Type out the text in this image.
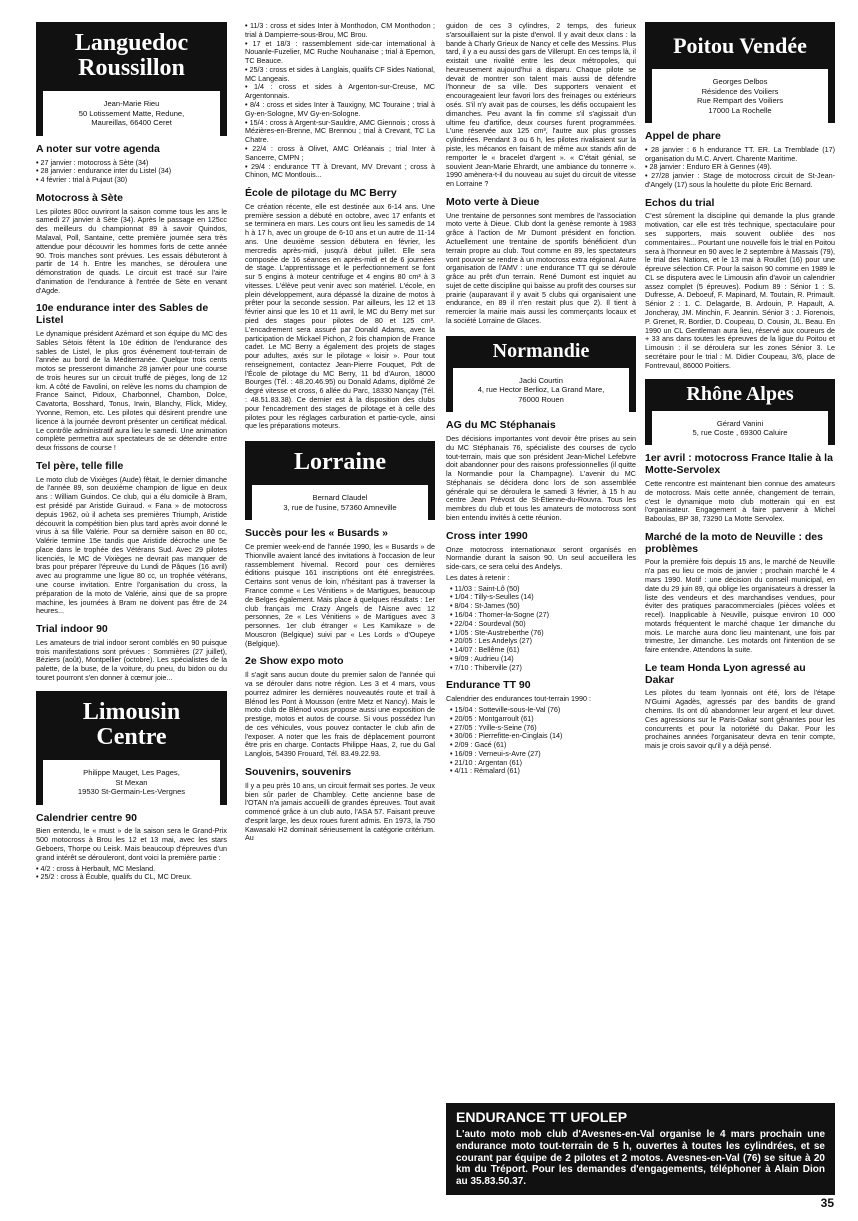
Languedoc Roussillon
Jean-Marie Rieu
50 Lotissement Matte, Redune,
Maureillas, 66400 Ceret
A noter sur votre agenda
• 27 janvier : motocross à Sète (34)
• 28 janvier : endurance inter du Listel (34)
• 4 février : trial à Pujaut (30)
Motocross à Sète

Les pilotes 80cc ouvriront la saison comme tous les ans le samedi 27 janvier à Sète (34). Après le passage en 125cc des meilleurs du championnat 89 à savoir Quindos, Malaval, Poll, Santaine, cette première journée sera très attendue pour découvrir les hommes forts de cette année 90. Trois manches sont prévues. Les essais débuteront à partir de 14 h. Entre les manches, se déroulera une démonstration de quads. Le circuit est tracé sur l'aire d'animation de l'endurance à l'entrée de Sète en venant d'Agde.

10e endurance inter des Sables de Listel

Le dynamique président Azémard et son équipe du MC des Sables Sétois fêtent la 10e édition de l'endurance des sables de Listel, le plus gros événement tout-terrain de l'année au bord de la Méditerranée. Quelque trois cents motos se presseront dimanche 28 janvier pour une course de trois heures sur un circuit truffé de pièges, long de 12 km. A côté de Favolini, on relève les noms du champion de France Sainct, Pidoux, Charbonnel, Chambon, Dolce, Cavatorta, Bosshard, Tonus, Irwin, Blanchy, Flick, Midey, Yvonne, Remon, etc. Les pilotes qui désirent prendre une licence à la journée devront présenter un certificat médical. Le contrôle administratif aura lieu le samedi. Une animation complète permettra aux spectateurs de se détendre entre deux frissons de course !

Tel père, telle fille

Le moto club de Vixièges (Aude) fêtait, le dernier dimanche de l'année 89, son deuxième champion de ligue en deux ans : William Guindos. Ce club, qui a élu domicile à Bram, est présidé par Aristide Guiraud. « Fana » de motocross depuis 1962, où il acheta ses premières Triumph, Aristide découvrit la compétition bien plus tard après avoir donné le virus à sa fille Valérie. Pour sa dernière saison en 80 cc, Valérie termine 15e tandis que Aristide décroche une 5e place dans le trophée des Vétérans Sud. Avec 29 pilotes licenciés, le MC de Vixièges ne devrait pas manquer de bras pour préparer l'épreuve du Lundi de Pâques (16 avril) avec au programme une ligue 80 cc, un trophée vétérans, une course invitation. Entre l'organisation du cross, la préparation de la moto de Valérie, ainsi que de sa propre machine, les journées à Bram ne doivent pas être de 24 heures...

Trial indoor 90

Les amateurs de trial indoor seront comblés en 90 puisque trois manifestations sont prévues : Sommières (27 juillet), Béziers (août), Montpellier (octobre). Les spécialistes de la palette, de la buse, de la voiture, du pneu, du bidon ou du touret pourront s'en donner à cœmur joie...

Limousin Centre
Philippe Mauget, Les Pages,
St Mexan
19530 St-Germain-Les-Vergnes
Calendrier centre 90

Bien entendu, le « must » de la saison sera le Grand-Prix 500 motocross à Brou les 12 et 13 mai, avec les stars Geboers, Thorpe ou Leisk. Mais beaucoup d'épreuves d'un grand intérêt se dérouleront, dont voici la première partie :

• 4/2 : cross à Herbault, MC Mesland.
• 25/2 : cross à Écuble, qualifs du CL, MC Dreux.
• 11/3 : cross et sides Inter à Monthodon, CM Monthodon ; trial à Dampierre-sous-Brou, MC Brou.
• 17 et 18/3 : rassemblement side-car international à Nouanle-Fuzelier, MC Ruche Nouhanaise ; trial à Epernon, TC Beauce.
• 25/3 : cross et sides à Langlais, qualifs CF Sides National, MC Langeais.
• 1/4 : cross et sides à Argenton-sur-Creuse, MC Argentonnais.
• 8/4 : cross et sides Inter à Tauxigny, MC Touraine ; trial à Gy-en-Sologne, MV Gy-en-Sologne.
• 15/4 : cross à Argent-sur-Sauldre, AMC Giennois ; cross à Mézières-en-Brenne, MC Brennou ; trial à Crevant, TC La Chatre.
• 22/4 : cross à Olivet, AMC Orléanais ; trial Inter à Sancerre, CMPN ;
• 29/4 : endurance TT à Drevant, MV Drevant ; cross à Chinon, MC Montlouis...
École de pilotage du MC Berry

Ce création récente, elle est destinée aux 6-14 ans. Une première session a débuté en octobre, avec 17 enfants et se terminera en mars. Les cours ont lieu les samedis de 14 h à 17 h, avec un groupe de 6-10 ans et un autre de 11-14 ans. Une deuxième session débutera en février, les mercredis après-midi, jusqu'à début juillet. Elle sera composée de 16 séances en après-midi et de 6 journées de stage. L'apprentissage et le perfectionnement se font sur 5 engins à moteur centrifuge et 4 engins 80 cm³ à 3 vitesses. L'élève peut venir avec son matériel. L'école, en plein développement, aura dépassé la dizaine de motos à prêter pour la seconde session. Par ailleurs, les 12 et 13 février ainsi que les 10 et 11 avril, le MC du Berry met sur pied des stages pour pilotes de 80 et 125 cm³. L'encadrement sera assuré par Donald Adams, avec la participation de Mickael Pichon, 2 fois champion de France cadet. Le MC Berry a également des projets de stages pour adultes, axés sur le pilotage « loisir ». Pour tout renseignement, contactez Jean-Pierre Fouquet, Pdt de l'École de pilotage du MC Berry, 11 bd d'Auron, 18000 Bourges (Tél. : 48.20.46.95) ou Donald Adams, diplômé 2e degré vitesse et cross, 6 allée du Parc, 18330 Nançay (Tél. : 48.51.83.38). Ce dernier est à la disposition des clubs pour l'encadrement des stages de pilotage et à celle des pilotes pour les réglages carburation et partie-cycle, ainsi que les préparations moteurs.

Lorraine
Bernard Claudel
3, rue de l'usine, 57360 Amneville
Succès pour les « Busards »

Ce premier week-end de l'année 1990, les « Busards » de Thionville avaient lancé des invitations à l'occasion de leur rassemblement hivernal. Record pour ces dernières éditions puisque 161 inscriptions ont été enregistrées. Certains sont venus de loin, n'hésitant pas à traverser la France comme « Les Vénitiens » de Martigues, beaucoup de Belges également. Mais place à quelques résultats : 1er club français mc Crazy Angels de l'Aisne avec 12 personnes, 2e « Les Vénitiens » de Martigues avec 3 personnes. 1er club étranger « Les Kamikaze » de Mouscron (Belgique) suivi par « Les Lords » d'Oupeye (Belgique).

2e Show expo moto

Il s'agit sans aucun doute du premier salon de l'année qui va se dérouler dans notre région. Les 3 et 4 mars, vous pourrez admirer les dernières nouveautés route et trail à Blénod les Pont à Mousson (entre Metz et Nancy). Mais le moto club de Blénod vous propose aussi une exposition de prestige, motos et autos de course. Si vous possédez l'un de ces véhicules, vous pouvez contacter le club afin de l'exposer. A noter que les frais de déplacement pourront être pris en charge. Contacts Philippe Haas, 2, rue du Gal Langlois, 54390 Frouard, Tél. 83.49.22.93.

Souvenirs, souvenirs

Il y a peu près 10 ans, un circuit fermait ses portes. Je veux bien sûr parler de Chambley. Cette ancienne base de l'OTAN n'a jamais accueilli de grandes épreuves. Tout avait commencé grâce à un club auto, l'ASA 57. Faisant preuve d'esprit large, les deux roues furent admis. En 1973, la 750 Kawasaki H2 dominait sérieusement la catégorie critérium. Au

guidon de ces 3 cylindres, 2 temps, des furieux s'arsouillaient sur la piste d'envol. Il y avait deux clans : la bande à Charly Grieux de Nancy et celle des Messins. Plus tard, il y a eu aussi des gars de Villerupt. En ces temps là, il existait une rivalité entre les deux métropoles, qui heureusement aujourd'hui a disparu. Chaque pilote se devait de montrer son talent mais aussi de défendre l'honneur de sa ville. Des supporters venaient et encourageaient leur favori lors des freinages ou extérieurs osés. S'il n'y avait pas de courses, les défis occupaient les dimanches. Peu avant la fin comme s'il s'agissait d'un ultime feu d'artifice, deux courses furent programmées. L'une réservée aux 125 cm³, l'autre aux plus grosses cylindrées. Pendant 3 ou 6 h, les pilotes rivalisaient sur la piste, les mécanos en faisant de même aux stands afin de remporter le « bracelet d'argent ». « C'était génial, se souvient Jean-Marie Ehrardt, une ambiance du tonnerre ». 1990 amènera-t-il du nouveau au sujet du circuit de vitesse en Lorraine ?

Moto verte à Dieue

Une trentaine de personnes sont membres de l'association moto verte à Dieue. Club dont la genèse remonte à 1983 grâce à l'action de Mr Dumont président en fonction. Actuellement une trentaine de sportifs bénéficient d'un terrain propre au club. Tout comme en 89, les spectateurs vont pouvoir se rendre à un motocross extra régional. Autre organisation de l'AMV : une endurance TT qui se déroule grâce au prêt d'un terrain. René Dumont est inquiet au sujet de cette discipline qui baisse au profit des courses sur prairie (auparavant il y avait 5 clubs qui organisaient une endurance, en 89 il n'en restait plus que 2). Il tient à remercier la mairie mais aussi les commerçants locaux et la société Lorraine de Glaces.

Normandie
Jacki Courtin
4, rue Hector Berlioz, La Grand Mare,
76000 Rouen
AG du MC Stéphanais

Des décisions importantes vont devoir être prises au sein du MC Stéphanais 76, spécialiste des courses de cyclo tout-terrain, mais que son président Jean-Michel Lefebvre doit abandonner pour des raisons professionnelles (il quitte la Normandie pour la Champagne). L'avenir du MC Stéphanais se décidera donc lors de son assemblée générale qui se déroulera le samedi 3 février, à 15 h au centre Jean Prévost de St-Étienne-du-Rouvra. Tous les membres du club et tous les amateurs de motocross sont bien entendu invités à cette réunion.

Cross inter 1990

Onze motocross internationaux seront organisés en Normandie durant la saison 90. Un seul accueillera les side-cars, ce sera celui des Andelys.

Les dates à retenir :

• 11/03 : Saint-Lô (50)
• 1/04 : Tilly-s-Seulles (14)
• 8/04 : St-James (50)
• 16/04 : Thomer-la-Sogne (27)
• 22/04 : Sourdeval (50)
• 1/05 : Ste-Austreberthe (76)
• 20/05 : Les Andelys (27)
• 14/07 : Bellême (61)
• 9/09 : Audrieu (14)
• 7/10 : Thiberville (27)
Endurance TT 90

Calendrier des endurances tout-terrain 1990 :

• 15/04 : Sotteville-sous-le-Val (76)
• 20/05 : Montgarroult (61)
• 27/05 : Yville-s-Seine (76)
• 30/06 : Pierrefitte-en-Cinglais (14)
• 2/09 : Gacé (61)
• 16/09 : Verneui-s-Avre (27)
• 21/10 : Argentan (61)
• 4/11 : Rémalard (61)
Poitou Vendée
Georges Delbos
Résidence des Voiliers
Rue Rempart des Voiliers
17000 La Rochelle
Appel de phare
• 28 janvier : 6 h endurance TT. ER. La Tremblade (17) organisation du M.C. Arvert. Charente Maritime.
• 28 janvier : Enduro ER à Gennes (49).
• 27/28 janvier : Stage de motocross circuit de St-Jean-d'Angely (17) sous la houlette du pilote Eric Bernard.
Echos du trial

C'est sûrement la discipline qui demande la plus grande motivation, car elle est très technique, spectaculaire pour ses supporters, mais souvent oubliée des nos commentaires... Pourtant une nouvelle fois le trial en Poitou sera à l'honneur en 90 avec le 2 septembre à Massais (79), le trial des Nations, et le 13 mai à Roullet (16) pour une épreuve sélection CF. Pour la saison 90 comme en 1989 le CL se disputera avec le Limousin afin d'avoir un calendrier assez complet (5 épreuves). Podium 89 : Sénior 1 : S. Dufresse, A. Deboeuf, F. Mapinard, M. Toutain, R. Primault. Sénior 2 : 1. C. Delagarde, B. Ardouin, P. Hapault, A. Joncheray, JM. Minchin, F. Jeannin. Sénior 3 : J. Fiorenois, P. Grenet, R. Bordier, D. Coupeau, D. Cousin, JL. Beau. En 1990 un CL Gentleman aura lieu, réservé aux coureurs de + 33 ans dans toutes les épreuves de la ligue du Poitou et Limousin : il se déroulera sur les zones Sénior 3. Le secrétaire pour le trial : M. Didier Coupeau, 3/6, place de Fontrevaul, 86000 Poitiers.

Rhône Alpes
Gérard Vanini
5, rue Coste , 69300 Caluire
1er avril : motocross France Italie à la Motte-Servolex

Cette rencontre est maintenant bien connue des amateurs de motocross. Mais cette année, changement de terrain, c'est le dynamique moto club motterain qui en est l'organisateur. Engagement à faire parvenir à Michel Baboulas, BP 38, 73290 La Motte Servolex.

Marché de la moto de Neuville : des problèmes

Pour la première fois depuis 15 ans, le marché de Neuville n'a pas eu lieu ce mois de janvier ; prochain marché le 4 mars 1990. Motif : une décision du conseil municipal, en date du 29 juin 89, qui oblige les organisateurs à dresser la liste des vendeurs et des marchandises vendues, pour éviter des pratiques paracommerciales (pièces volées et recel). Inapplicable à Neuville, puisque environ 10 000 motards fréquentent le marché chaque 1er dimanche du mois. Le marche aura donc lieu maintenant, une fois par trimestre, 1er dimanche. Les motards ont l'intention de se faire entendre. Attendons la suite.

Le team Honda Lyon agressé au Dakar

Les pilotes du team lyonnais ont été, lors de l'étape N'Guimi Agadès, agressés par des bandits de grand chemins. Ils ont dû abandonner leur argent et leur duvet. Ces agressions sur le Paris-Dakar sont gênantes pour les concurrents et pour la notoriété du Dakar. Pour les prochaines années l'organisateur devra en tenir compte, mais je crois savoir qu'il y a déjà pensé.

ENDURANCE TT UFOLEP
L'auto moto mob club d'Avesnes-en-Val organise le 4 mars prochain une endurance moto tout-terrain de 5 h, ouvertes à toutes les cylindrées, et se courant par équipe de 2 pilotes et 2 motos. Avesnes-en-Val (76) se situe à 20 km du Tréport. Pour les demandes d'engagements, téléphoner à Alain Dion au 35.83.50.37.
35
